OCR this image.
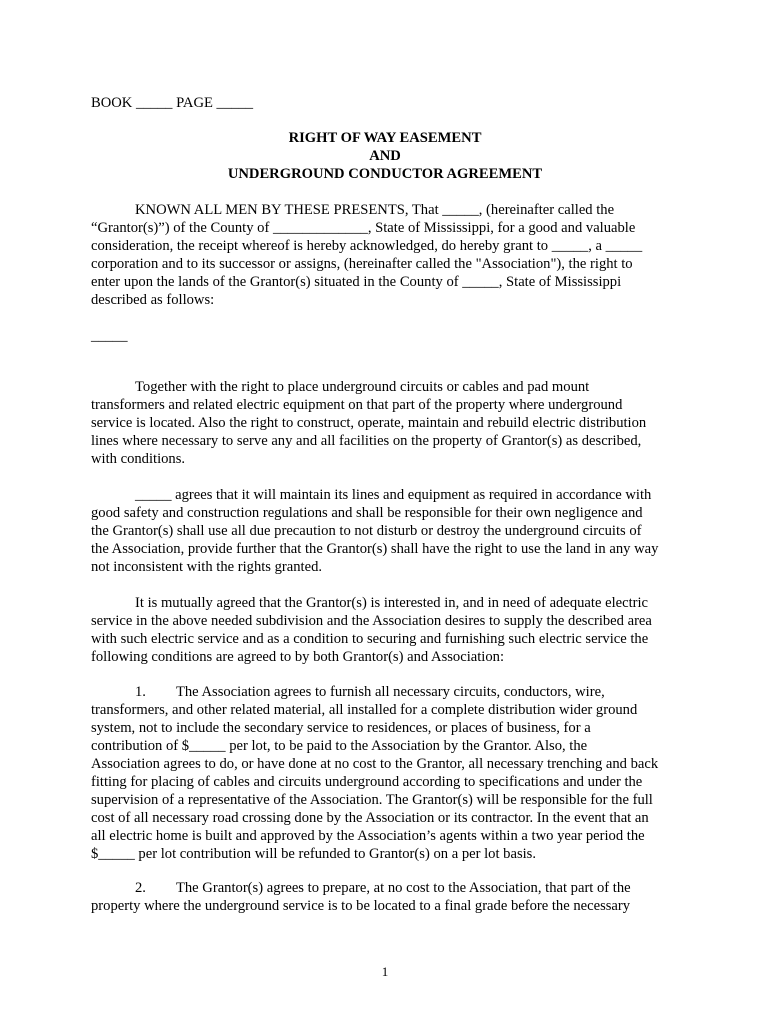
BOOK _____ PAGE _____
RIGHT OF WAY EASEMENT
AND
UNDERGROUND CONDUCTOR AGREEMENT
KNOWN ALL MEN BY THESE PRESENTS, That _____, (hereinafter called the
“Grantor(s)”) of the County of _____________, State of Mississippi, for a good and valuable
consideration, the receipt whereof is hereby acknowledged, do hereby grant to _____, a _____
corporation and to its successor or assigns, (hereinafter called the "Association"), the right to
enter upon the lands of the Grantor(s) situated in the County of _____, State of Mississippi
described as follows:
_____
Together with the right to place underground circuits or cables and pad mount
transformers and related electric equipment on that part of the property where underground
service is located. Also the right to construct, operate, maintain and rebuild electric distribution
lines where necessary to serve any and all facilities on the property of Grantor(s) as described,
with conditions.
_____ agrees that it will maintain its lines and equipment as required in accordance with
good safety and construction regulations and shall be responsible for their own negligence and
the Grantor(s) shall use all due precaution to not disturb or destroy the underground circuits of
the Association, provide further that the Grantor(s) shall have the right to use the land in any way
not inconsistent with the rights granted.
It is mutually agreed that the Grantor(s) is interested in, and in need of adequate electric
service in the above needed subdivision and the Association desires to supply the described area
with such electric service and as a condition to securing and furnishing such electric service the
following conditions are agreed to by both Grantor(s) and Association:
1. The Association agrees to furnish all necessary circuits, conductors, wire,
transformers, and other related material, all installed for a complete distribution wider ground
system, not to include the secondary service to residences, or places of business, for a
contribution of $_____ per lot, to be paid to the Association by the Grantor. Also, the
Association agrees to do, or have done at no cost to the Grantor, all necessary trenching and back
fitting for placing of cables and circuits underground according to specifications and under the
supervision of a representative of the Association. The Grantor(s) will be responsible for the full
cost of all necessary road crossing done by the Association or its contractor. In the event that an
all electric home is built and approved by the Association’s agents within a two year period the
$_____ per lot contribution will be refunded to Grantor(s) on a per lot basis.
2. The Grantor(s) agrees to prepare, at no cost to the Association, that part of the
property where the underground service is to be located to a final grade before the necessary
1
